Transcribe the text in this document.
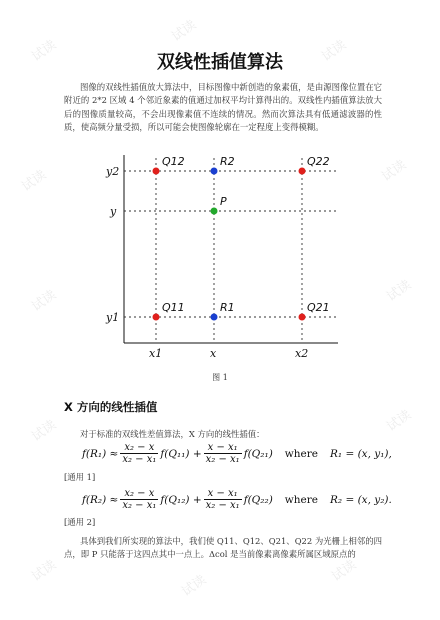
试读
试读
试读
试读	试读
试读	试读
试读	试读
试读
试读
试读
双线性插值算法
图像的双线性插值放大算法中，目标图像中新创造的象素值，是由源图像位置在它附近的 2*2 区域 4 个邻近象素的值通过加权平均计算得出的。双线性内插值算法放大后的图像质量较高，不会出现像素值不连续的情况。然而次算法具有低通滤波器的性质，使高频分量受损，所以可能会使图像轮廓在一定程度上变得模糊。
Q12	R2	Q22
P
Q11	R1	Q21
y2
y
y1
x1	x	x2
图 1
X 方向的线性插值
对于标准的双线性差值算法，X 方向的线性插值：
$f(R_1) \approx \frac{\text{x₂ − x}}{\text{x₂ − x₁}} f(Q_{11}) + \frac{\text{x − x₁}}{\text{x₂ − x₁}} f(Q_{21})$ where R₁ = (x, y₁),
[通用 1]
$f(R_2) \approx \frac{\text{x₂ − x}}{\text{x₂ − x₁}} f(Q_{12}) + \frac{\text{x − x₁}}{\text{x₂ − x₁}} f(Q_{22})$ where R₂ = (x, y₂).
[通用 2]
具体到我们所实现的算法中，我们使 Q11、Q12、Q21、Q22 为光栅上相邻的四点，即 P 只能落于这四点其中一点上。Δcol 是当前像素离像素所属区域原点的
